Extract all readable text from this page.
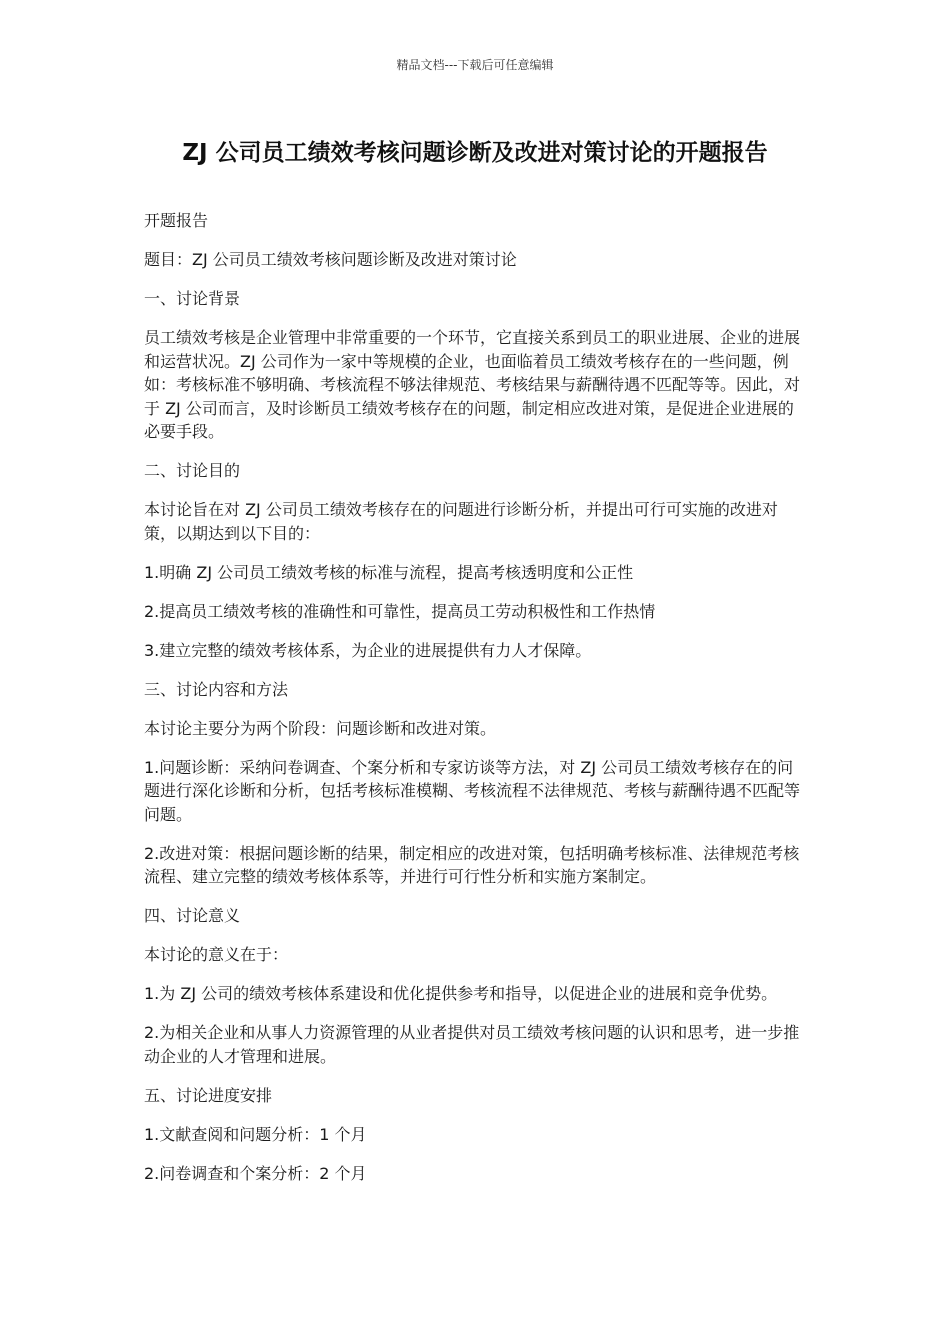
精品文档---下载后可任意编辑
ZJ 公司员工绩效考核问题诊断及改进对策讨论的开题报告

开题报告

题目：ZJ 公司员工绩效考核问题诊断及改进对策讨论

一、讨论背景

员工绩效考核是企业管理中非常重要的一个环节，它直接关系到员工的职业进展、企业的进展和运营状况。ZJ 公司作为一家中等规模的企业，也面临着员工绩效考核存在的一些问题，例如：考核标准不够明确、考核流程不够法律规范、考核结果与薪酬待遇不匹配等等。因此，对于 ZJ 公司而言，及时诊断员工绩效考核存在的问题，制定相应改进对策，是促进企业进展的必要手段。

二、讨论目的

本讨论旨在对 ZJ 公司员工绩效考核存在的问题进行诊断分析，并提出可行可实施的改进对策，以期达到以下目的：

1.明确 ZJ 公司员工绩效考核的标准与流程，提高考核透明度和公正性

2.提高员工绩效考核的准确性和可靠性，提高员工劳动积极性和工作热情

3.建立完整的绩效考核体系，为企业的进展提供有力人才保障。

三、讨论内容和方法

本讨论主要分为两个阶段：问题诊断和改进对策。

1.问题诊断：采纳问卷调查、个案分析和专家访谈等方法，对 ZJ 公司员工绩效考核存在的问题进行深化诊断和分析，包括考核标准模糊、考核流程不法律规范、考核与薪酬待遇不匹配等问题。

2.改进对策：根据问题诊断的结果，制定相应的改进对策，包括明确考核标准、法律规范考核流程、建立完整的绩效考核体系等，并进行可行性分析和实施方案制定。

四、讨论意义

本讨论的意义在于：

1.为 ZJ 公司的绩效考核体系建设和优化提供参考和指导，以促进企业的进展和竞争优势。

2.为相关企业和从事人力资源管理的从业者提供对员工绩效考核问题的认识和思考，进一步推动企业的人才管理和进展。

五、讨论进度安排

1.文献查阅和问题分析：1 个月

2.问卷调查和个案分析：2 个月
